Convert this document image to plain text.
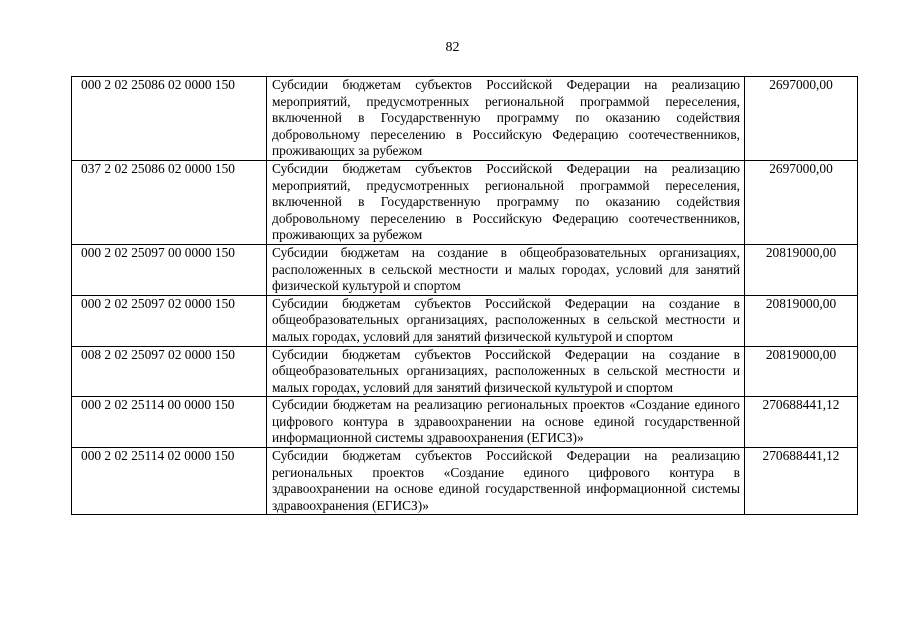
82
000 2 02 25086 02 0000 150	Субсидии бюджетам субъектов Российской Федерации на реализацию мероприятий, предусмотренных региональной программой переселения, включенной в Государственную программу по оказанию содействия добровольному переселению в Российскую Федерацию соотечественников, проживающих за рубежом	2697000,00
037 2 02 25086 02 0000 150	Субсидии бюджетам субъектов Российской Федерации на реализацию мероприятий, предусмотренных региональной программой переселения, включенной в Государственную программу по оказанию содействия добровольному переселению в Российскую Федерацию соотечественников, проживающих за рубежом	2697000,00
000 2 02 25097 00 0000 150	Субсидии бюджетам на создание в общеобразовательных организациях, расположенных в сельской местности и малых городах, условий для занятий физической культурой и спортом	20819000,00
000 2 02 25097 02 0000 150	Субсидии бюджетам субъектов Российской Федерации на создание в общеобразовательных организациях, расположенных в сельской местности и малых городах, условий для занятий физической культурой и спортом	20819000,00
008 2 02 25097 02 0000 150	Субсидии бюджетам субъектов Российской Федерации на создание в общеобразовательных организациях, расположенных в сельской местности и малых городах, условий для занятий физической культурой и спортом	20819000,00
000 2 02 25114 00 0000 150	Субсидии бюджетам на реализацию региональных проектов «Создание единого цифрового контура в здравоохранении на основе единой государственной информационной системы здравоохранения (ЕГИСЗ)»	270688441,12
000 2 02 25114 02 0000 150	Субсидии бюджетам субъектов Российской Федерации на реализацию региональных проектов «Создание единого цифрового контура в здравоохранении на основе единой государственной информационной системы здравоохранения (ЕГИСЗ)»	270688441,12
